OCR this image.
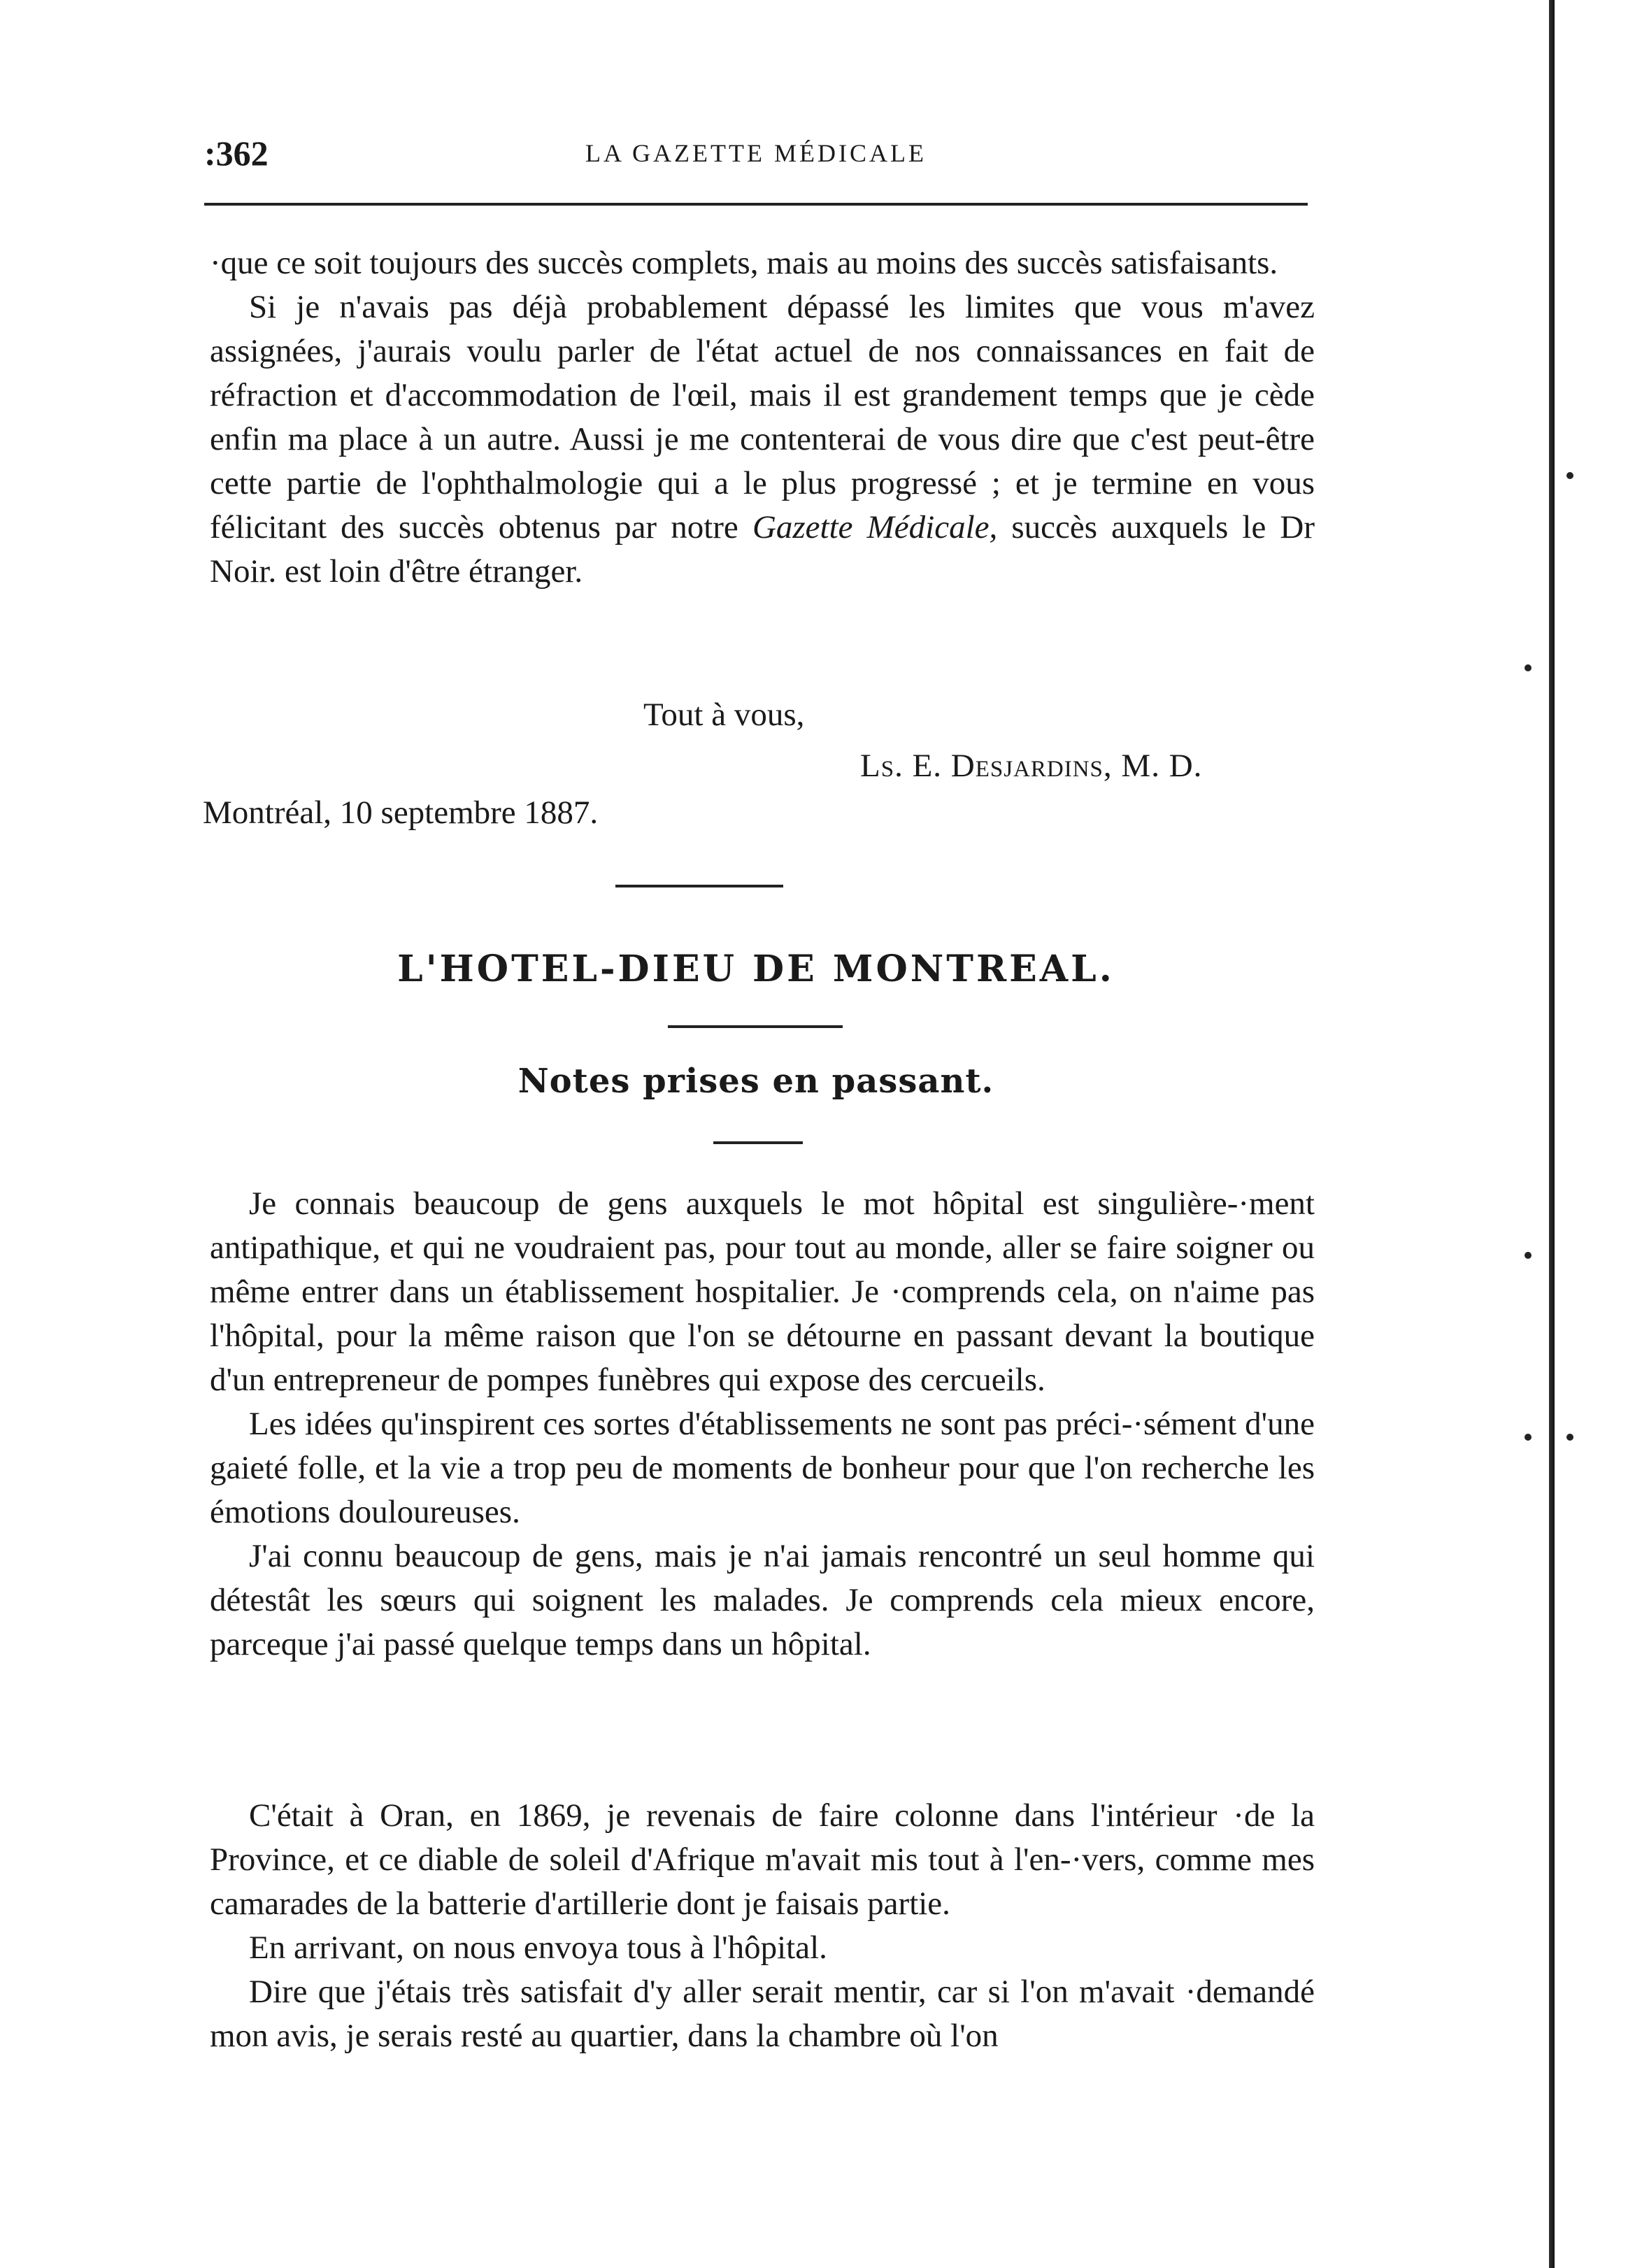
:362	LA GAZETTE MÉDICALE

·que ce soit toujours des succès complets, mais au moins des succès satisfaisants.

Si je n'avais pas déjà probablement dépassé les limites que vous m'avez assignées, j'aurais voulu parler de l'état actuel de nos connaissances en fait de réfraction et d'accommodation de l'œil, mais il est grandement temps que je cède enfin ma place à un autre. Aussi je me contenterai de vous dire que c'est peut-être cette partie de l'ophthalmologie qui a le plus progressé ; et je termine en vous félicitant des succès obtenus par notre Gazette Médicale, succès auxquels le Dr Noir. est loin d'être étranger.

Tout à vous,
Ls. E. Desjardins, M. D.
Montréal, 10 septembre 1887.
L'HOTEL-DIEU DE MONTREAL.
Notes prises en passant.

Je connais beaucoup de gens auxquels le mot hôpital est singulière-·ment antipathique, et qui ne voudraient pas, pour tout au monde, aller se faire soigner ou même entrer dans un établissement hospitalier. Je ·comprends cela, on n'aime pas l'hôpital, pour la même raison que l'on se détourne en passant devant la boutique d'un entrepreneur de pompes funèbres qui expose des cercueils.

Les idées qu'inspirent ces sortes d'établissements ne sont pas préci-·sément d'une gaieté folle, et la vie a trop peu de moments de bonheur pour que l'on recherche les émotions douloureuses.

J'ai connu beaucoup de gens, mais je n'ai jamais rencontré un seul homme qui détestât les sœurs qui soignent les malades. Je comprends cela mieux encore, parceque j'ai passé quelque temps dans un hôpital.

C'était à Oran, en 1869, je revenais de faire colonne dans l'intérieur ·de la Province, et ce diable de soleil d'Afrique m'avait mis tout à l'en-·vers, comme mes camarades de la batterie d'artillerie dont je faisais partie.

En arrivant, on nous envoya tous à l'hôpital.

Dire que j'étais très satisfait d'y aller serait mentir, car si l'on m'avait ·demandé mon avis, je serais resté au quartier, dans la chambre où l'on
